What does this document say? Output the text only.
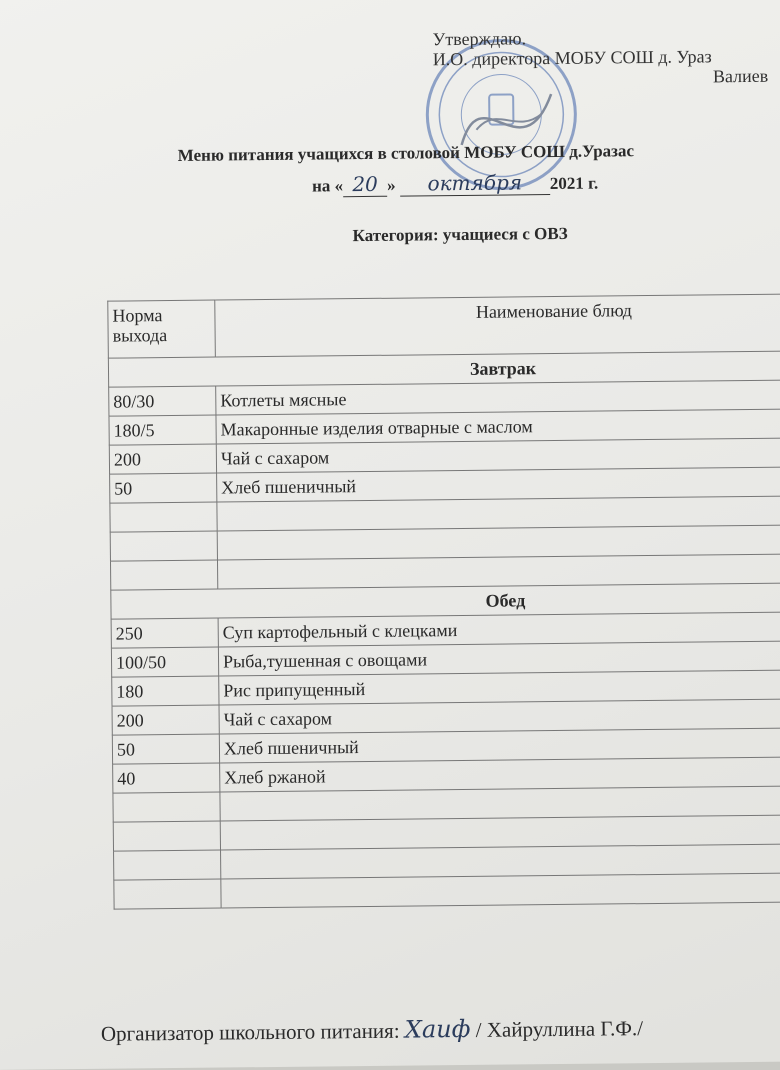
Утверждаю.
И.О. директора МОБУ СОШ д. Ураз
Валиев
Меню питания учащихся в столовой МОБУ СОШ д.Уразас
на « 20 » октября 2021 г.
Категория: учащиеся с ОВЗ
Норма выхода	Наименование блюд
Завтрак	
80/30	Котлеты мясные
180/5	Макаронные изделия отварные с маслом
200	Чай с сахаром
50	Хлеб пшеничный

Обед	
250	Суп картофельный с клецками
100/50	Рыба,тушенная с овощами
180	Рис припущенный
200	Чай с сахаром
50	Хлеб пшеничный
40	Хлеб ржаной

Организатор школьного питания: Хаиф / Хайруллина Г.Ф./
